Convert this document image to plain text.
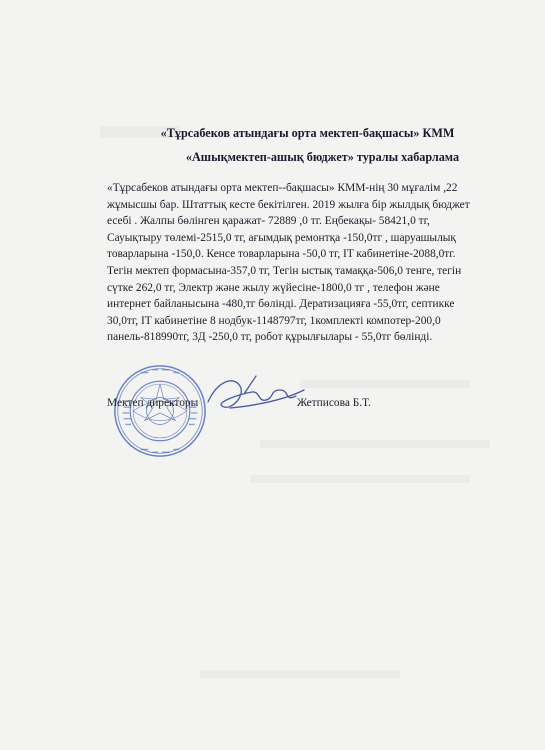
«Тұрсабеков атындағы орта мектеп-бақшасы» КММ
«Ашықмектеп-ашық бюджет» туралы хабарлама
«Тұрсабеков атындағы орта мектеп--бақшасы» КММ-нің 30 мұғалім ,22
жұмысшы бар. Штаттық кесте бекітілген. 2019 жылға бір жылдық бюджет
есебі . Жалпы бөлінген қаражат- 72889 ,0 тг. Еңбекақы- 58421,0 тг,
Сауықтыру төлемі-2515,0 тг, ағымдық ремонтқа -150,0тг , шаруашылық
товарларына -150,0. Кенсе товарларына -50,0 тг, IT кабинетіне-2088,0тг.
Тегін мектеп формасына-357,0 тг, Тегін ыстық тамаққа-506,0 тенге, тегін
сүтке 262,0 тг, Электр және жылу жүйесіне-1800,0 тг , телефон және
интернет байланысына -480,тг бөлінді. Дератизацияға -55,0тг, септикке
30,0тг, IT кабинетіне 8 нодбук-1148797тг, 1комплекті компотер-200,0
панель-818990тг, 3Д -250,0 тг, робот құрылғылары - 55,0тг бөлінді.
Мектеп директоры	Жетписова Б.Т.
